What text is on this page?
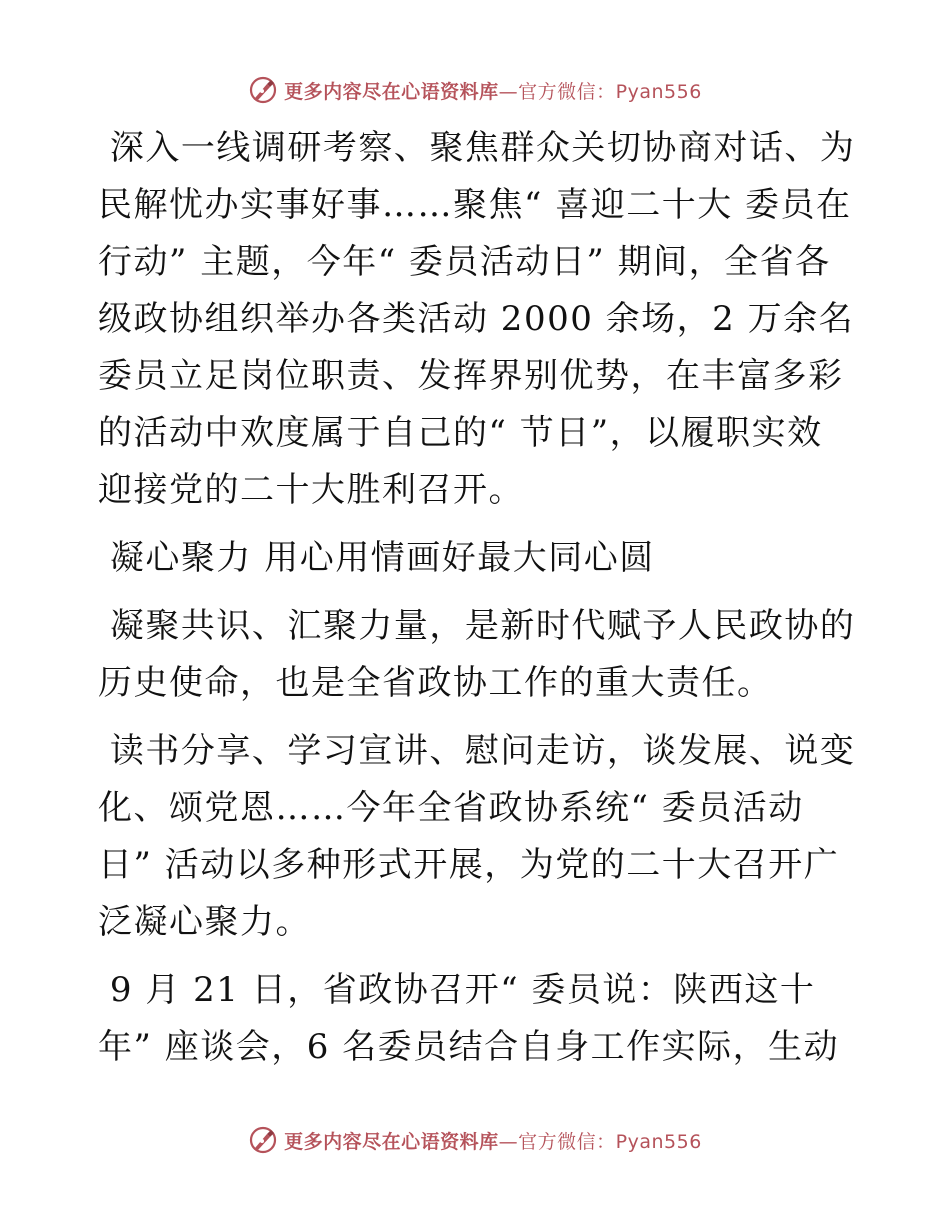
更多内容尽在心语资料库—官方微信：Pyan556

深入一线调研考察、聚焦群众关切协商对话、为民解忧办实事好事……聚焦“ 喜迎二十大 委员在行动” 主题，今年“ 委员活动日” 期间，全省各级政协组织举办各类活动 2000 余场，2 万余名委员立足岗位职责、发挥界别优势，在丰富多彩的活动中欢度属于自己的“ 节日”，以履职实效迎接党的二十大胜利召开。

凝心聚力 用心用情画好最大同心圆

凝聚共识、汇聚力量，是新时代赋予人民政协的历史使命，也是全省政协工作的重大责任。

读书分享、学习宣讲、慰问走访，谈发展、说变化、颂党恩……今年全省政协系统“ 委员活动日” 活动以多种形式开展，为党的二十大召开广泛凝心聚力。

9 月 21 日，省政协召开“ 委员说：陕西这十年” 座谈会，6 名委员结合自身工作实际，生动

更多内容尽在心语资料库—官方微信：Pyan556
